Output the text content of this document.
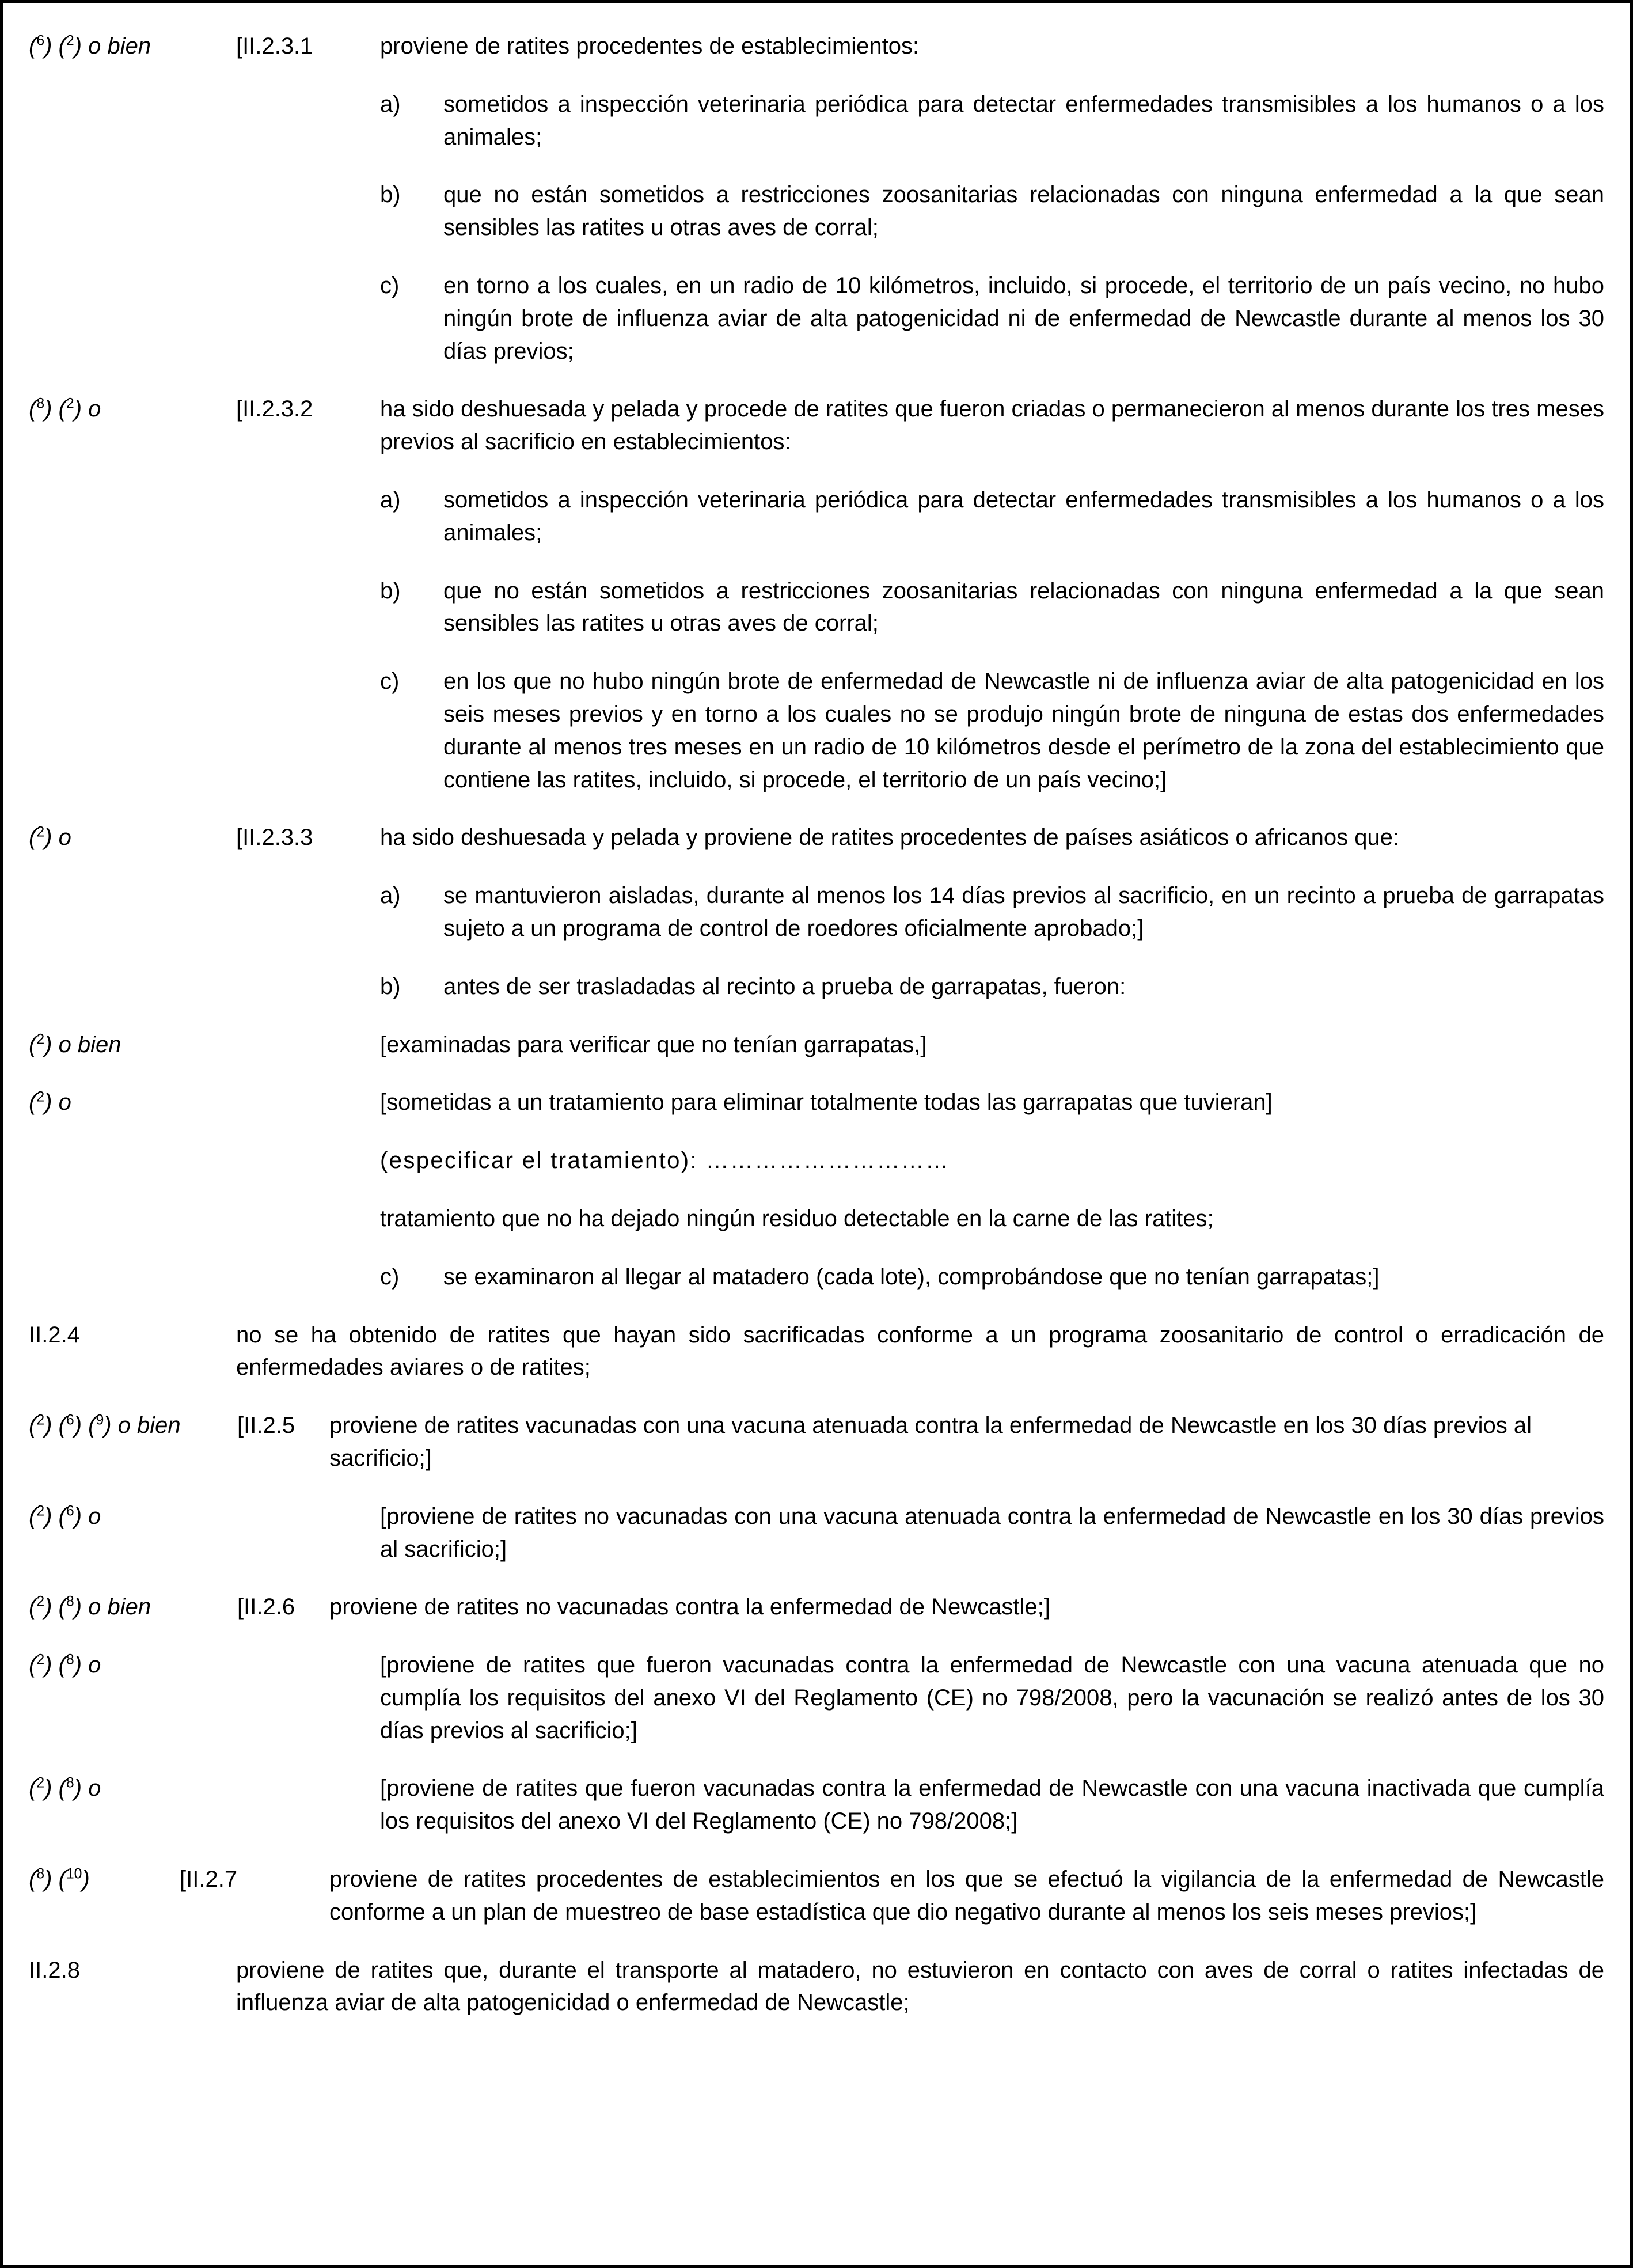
($^6$) ($^2$) o bien	[II.2.3.1	proviene de ratites procedentes de establecimientos:
a)	sometidos a inspección veterinaria periódica para detectar enfermedades transmisibles a los humanos o a los animales;
b)	que no están sometidos a restricciones zoosanitarias relacionadas con ninguna enfermedad a la que sean sensibles las ratites u otras aves de corral;
c)	en torno a los cuales, en un radio de 10 kilómetros, incluido, si procede, el territorio de un país vecino, no hubo ningún brote de influenza aviar de alta patogenicidad ni de enfermedad de Newcastle durante al menos los 30 días previos;
($^8$) ($^2$) o	[II.2.3.2	ha sido deshuesada y pelada y procede de ratites que fueron criadas o permanecieron al menos durante los tres meses previos al sacrificio en establecimientos:
a)	sometidos a inspección veterinaria periódica para detectar enfermedades transmisibles a los humanos o a los animales;
b)	que no están sometidos a restricciones zoosanitarias relacionadas con ninguna enfermedad a la que sean sensibles las ratites u otras aves de corral;
c)	en los que no hubo ningún brote de enfermedad de Newcastle ni de influenza aviar de alta patogenicidad en los seis meses previos y en torno a los cuales no se produjo ningún brote de ninguna de estas dos enfermedades durante al menos tres meses en un radio de 10 kilómetros desde el perímetro de la zona del establecimiento que contiene las ratites, incluido, si procede, el territorio de un país vecino;]
($^2$) o	[II.2.3.3	ha sido deshuesada y pelada y proviene de ratites procedentes de países asiáticos o africanos que:
a)	se mantuvieron aisladas, durante al menos los 14 días previos al sacrificio, en un recinto a prueba de garrapatas sujeto a un programa de control de roedores oficialmente aprobado;]
b)	antes de ser trasladadas al recinto a prueba de garrapatas, fueron:
($^2$) o bien	[examinadas para verificar que no tenían garrapatas,]
($^2$) o	[sometidas a un tratamiento para eliminar totalmente todas las garrapatas que tuvieran]
(especificar el tratamiento): …………………………
tratamiento que no ha dejado ningún residuo detectable en la carne de las ratites;
c)	se examinaron al llegar al matadero (cada lote), comprobándose que no tenían garrapatas;]
II.2.4	no se ha obtenido de ratites que hayan sido sacrificadas conforme a un programa zoosanitario de control o erradicación de enfermedades aviares o de ratites;
($^2$) ($^6$) ($^9$) o bien	[II.2.5	proviene de ratites vacunadas con una vacuna atenuada contra la enfermedad de Newcastle en los 30 días previos al sacrificio;]
($^2$) ($^6$) o	[proviene de ratites no vacunadas con una vacuna atenuada contra la enfermedad de Newcastle en los 30 días previos al sacrificio;]
($^2$) ($^8$) o bien	[II.2.6	proviene de ratites no vacunadas contra la enfermedad de Newcastle;]
($^2$) ($^8$) o	[proviene de ratites que fueron vacunadas contra la enfermedad de Newcastle con una vacuna atenuada que no cumplía los requisitos del anexo VI del Reglamento (CE) no 798/2008, pero la vacunación se realizó antes de los 30 días previos al sacrificio;]
($^2$) ($^8$) o	[proviene de ratites que fueron vacunadas contra la enfermedad de Newcastle con una vacuna inactivada que cumplía los requisitos del anexo VI del Reglamento (CE) no 798/2008;]
($^8$) ($^{10}$)	[II.2.7	proviene de ratites procedentes de establecimientos en los que se efectuó la vigilancia de la enfermedad de Newcastle conforme a un plan de muestreo de base estadística que dio negativo durante al menos los seis meses previos;]
II.2.8	proviene de ratites que, durante el transporte al matadero, no estuvieron en contacto con aves de corral o ratites infectadas de influenza aviar de alta patogenicidad o enfermedad de Newcastle;
